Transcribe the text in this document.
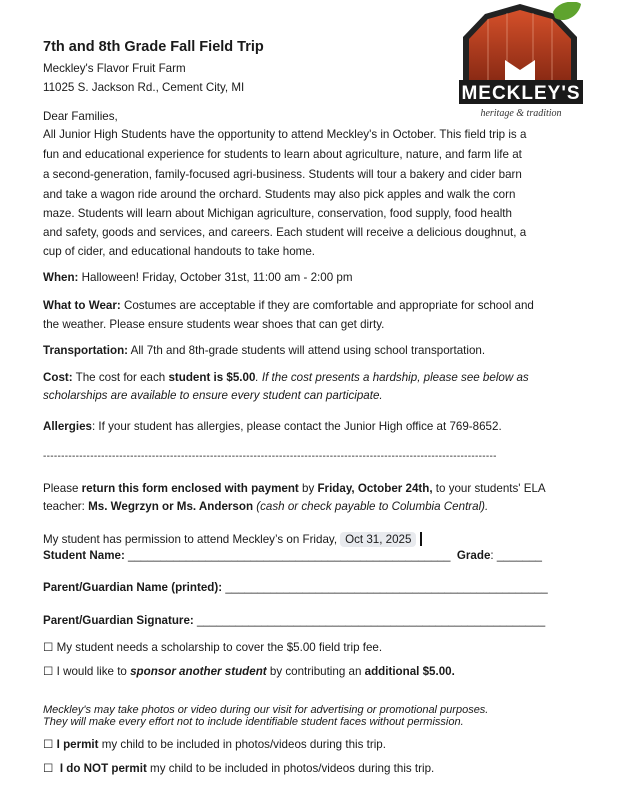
MECKLEY'S
heritage & tradition
7th and 8th Grade Fall Field Trip
Meckley's Flavor Fruit Farm
11025 S. Jackson Rd., Cement City, MI
Dear Families,
All Junior High Students have the opportunity to attend Meckley's in October. This field trip is a
fun and educational experience for students to learn about agriculture, nature, and farm life at
a second-generation, family-focused agri-business. Students will tour a bakery and cider barn
and take a wagon ride around the orchard. Students may also pick apples and walk the corn
maze. Students will learn about Michigan agriculture, conservation, food supply, food health
and safety, goods and services, and careers. Each student will receive a delicious doughnut, a
cup of cider, and educational handouts to take home.
When: Halloween! Friday, October 31st, 11:00 am - 2:00 pm
What to Wear: Costumes are acceptable if they are comfortable and appropriate for school and
the weather. Please ensure students wear shoes that can get dirty.
Transportation: All 7th and 8th-grade students will attend using school transportation.
Cost: The cost for each student is $5.00. If the cost presents a hardship, please see below as
scholarships are available to ensure every student can participate.
Allergies: If your student has allergies, please contact the Junior High office at 769-8652.
-----------------------------------------------------------------------------------------------------------------------------
Please return this form enclosed with payment by Friday, October 24th, to your students' ELA
teacher: Ms. Wegrzyn or Ms. Anderson (cash or check payable to Columbia Central).
My student has permission to attend Meckley’s on Friday, Oct 31, 2025
Student Name: __________________________________________________ Grade: _______
Parent/Guardian Name (printed): __________________________________________________
Parent/Guardian Signature: ______________________________________________________
☐ My student needs a scholarship to cover the $5.00 field trip fee.
☐ I would like to sponsor another student by contributing an additional $5.00.
Meckley's may take photos or video during our visit for advertising or promotional purposes.
They will make every effort not to include identifiable student faces without permission.
☐ I permit my child to be included in photos/videos during this trip.
☐ I do NOT permit my child to be included in photos/videos during this trip.
